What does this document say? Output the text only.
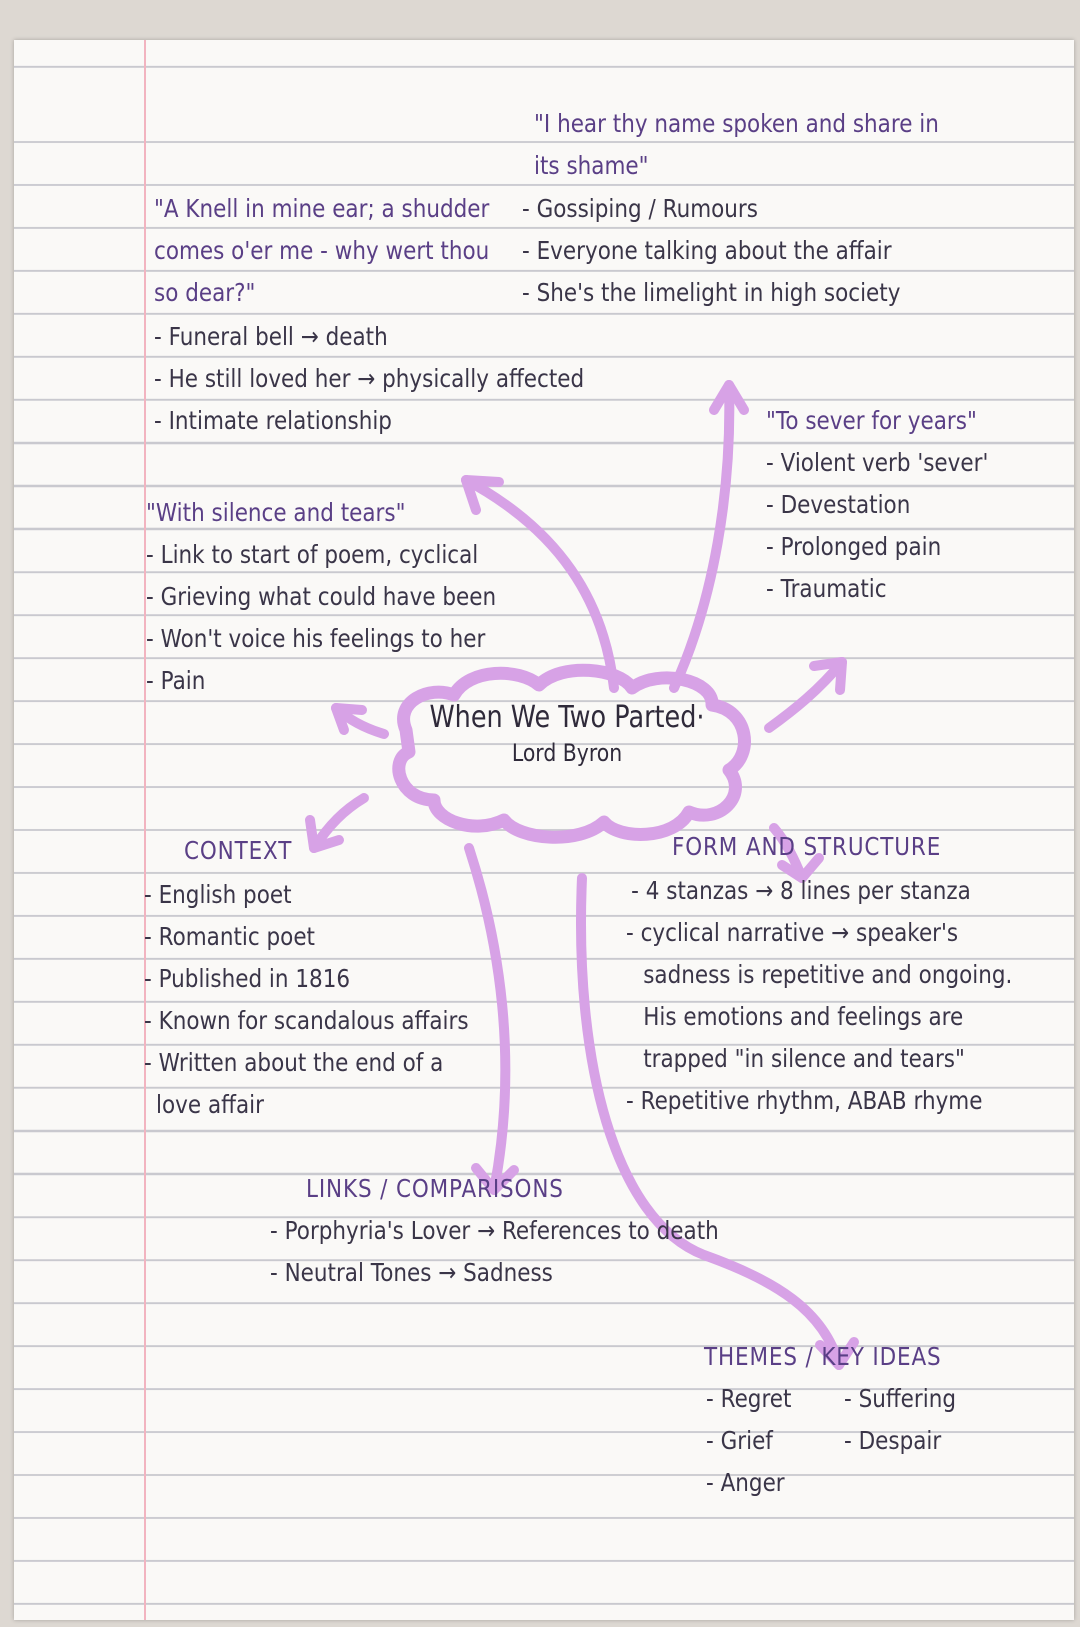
When We Two Parted·
Lord Byron
"I hear thy name spoken and share in
its shame"
- Gossiping / Rumours
- Everyone talking about the affair
- She's the limelight in high society
"A Knell in mine ear; a shudder
comes o'er me - why wert thou
so dear?"
- Funeral bell → death
- He still loved her → physically affected
- Intimate relationship	"To sever for years"
- Violent verb 'sever'
- Devestation
- Prolonged pain
- Traumatic
"With silence and tears"
- Link to start of poem, cyclical
- Grieving what could have been
- Won't voice his feelings to her
- Pain
CONTEXT
- English poet
- Romantic poet
- Published in 1816
- Known for scandalous affairs
- Written about the end of a
love affair
FORM AND STRUCTURE
- 4 stanzas → 8 lines per stanza
- cyclical narrative → speaker's
sadness is repetitive and ongoing.
His emotions and feelings are
trapped "in silence and tears"
- Repetitive rhythm, ABAB rhyme
LINKS / COMPARISONS
- Porphyria's Lover → References to death
- Neutral Tones → Sadness
THEMES / KEY IDEAS
- Regret
- Grief
- Anger
- Suffering
- Despair
